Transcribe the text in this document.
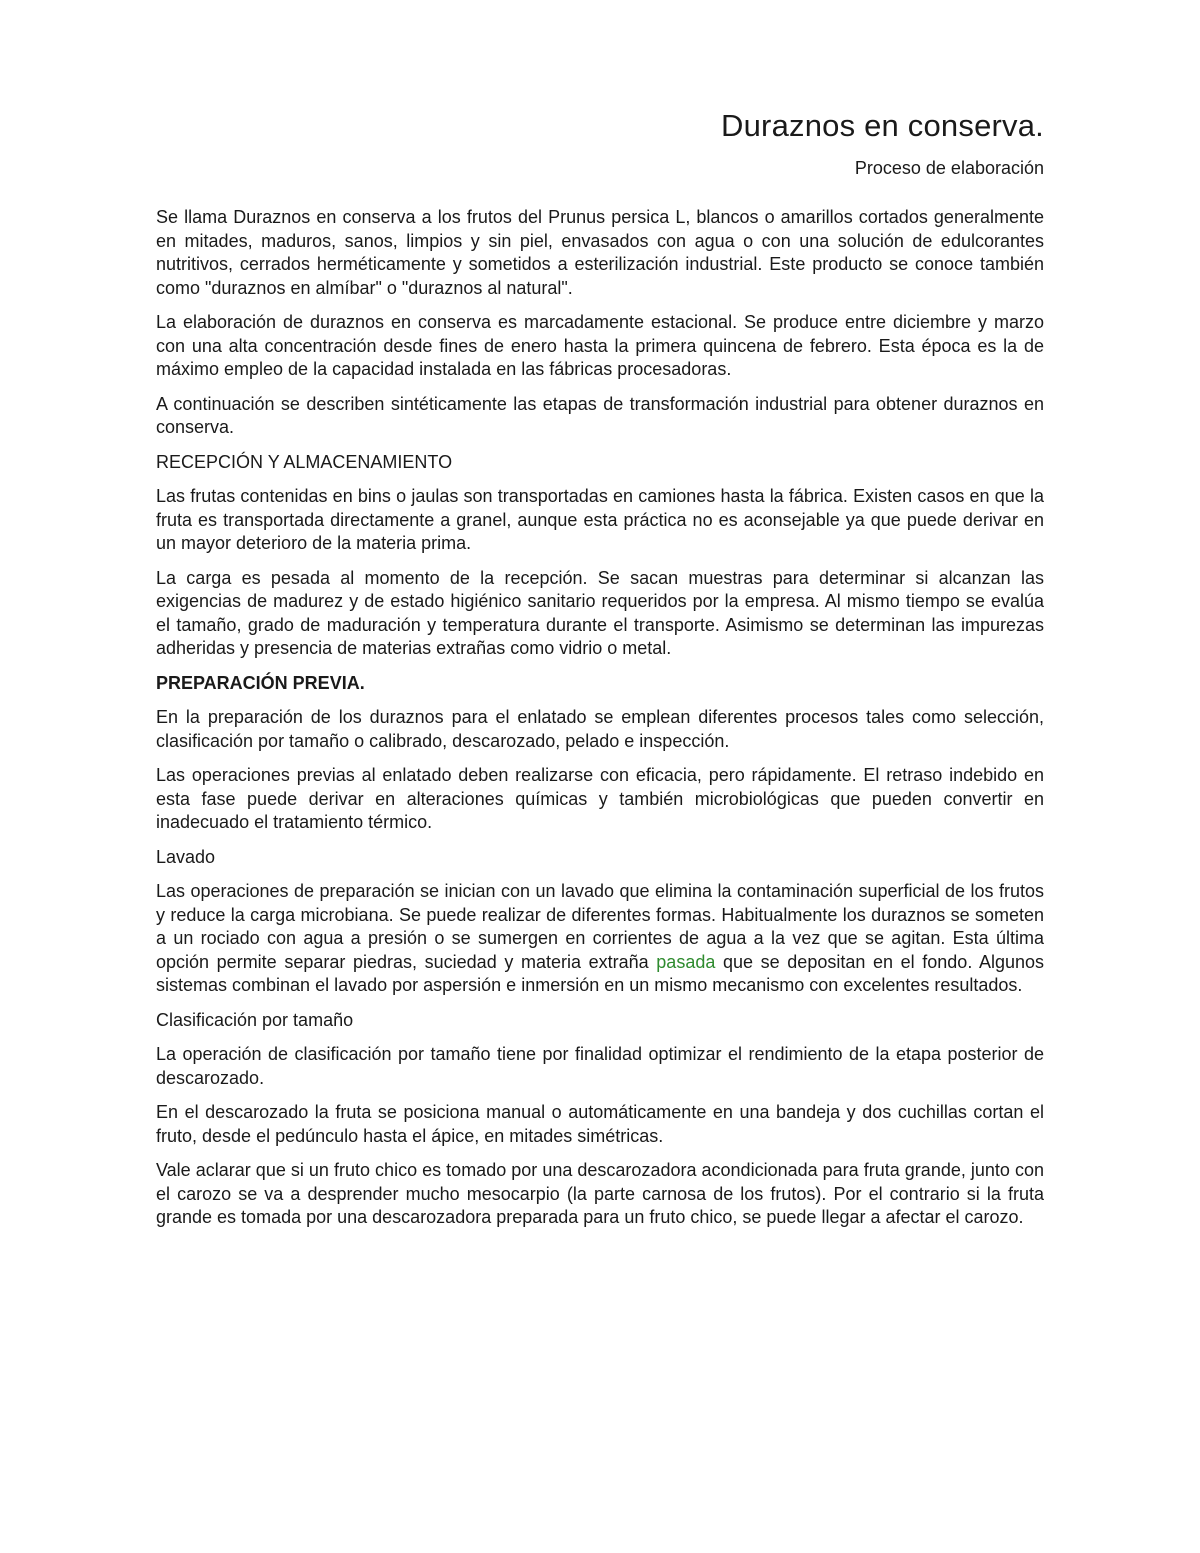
Duraznos en conserva.

Proceso de elaboración

Se llama Duraznos en conserva a los frutos del Prunus persica L, blancos o amarillos cortados generalmente en mitades, maduros, sanos, limpios y sin piel, envasados con agua o con una solución de edulcorantes nutritivos, cerrados herméticamente y sometidos a esterilización industrial. Este producto se conoce también como "duraznos en almíbar" o "duraznos al natural".

La elaboración de duraznos en conserva es marcadamente estacional. Se produce entre diciembre y marzo con una alta concentración desde fines de enero hasta la primera quincena de febrero. Esta época es la de máximo empleo de la capacidad instalada en las fábricas procesadoras.

A continuación se describen sintéticamente las etapas de transformación industrial para obtener duraznos en conserva.

RECEPCIÓN Y ALMACENAMIENTO

Las frutas contenidas en bins o jaulas son transportadas en camiones hasta la fábrica. Existen casos en que la fruta es transportada directamente a granel, aunque esta práctica no es aconsejable ya que puede derivar en un mayor deterioro de la materia prima.

La carga es pesada al momento de la recepción. Se sacan muestras para determinar si alcanzan las exigencias de madurez y de estado higiénico sanitario requeridos por la empresa. Al mismo tiempo se evalúa el tamaño, grado de maduración y temperatura durante el transporte. Asimismo se determinan las impurezas adheridas y presencia de materias extrañas como vidrio o metal.

PREPARACIÓN PREVIA.

En la preparación de los duraznos para el enlatado se emplean diferentes procesos tales como selección, clasificación por tamaño o calibrado, descarozado, pelado e inspección.

Las operaciones previas al enlatado deben realizarse con eficacia, pero rápidamente. El retraso indebido en esta fase puede derivar en alteraciones químicas y también microbiológicas que pueden convertir en inadecuado el tratamiento térmico.

Lavado

Las operaciones de preparación se inician con un lavado que elimina la contaminación superficial de los frutos y reduce la carga microbiana. Se puede realizar de diferentes formas. Habitualmente los duraznos se someten a un rociado con agua a presión o se sumergen en corrientes de agua a la vez que se agitan. Esta última opción permite separar piedras, suciedad y materia extraña pasada que se depositan en el fondo. Algunos sistemas combinan el lavado por aspersión e inmersión en un mismo mecanismo con excelentes resultados.

Clasificación por tamaño

La operación de clasificación por tamaño tiene por finalidad optimizar el rendimiento de la etapa posterior de descarozado.

En el descarozado la fruta se posiciona manual o automáticamente en una bandeja y dos cuchillas cortan el fruto, desde el pedúnculo hasta el ápice, en mitades simétricas.

Vale aclarar que si un fruto chico es tomado por una descarozadora acondicionada para fruta grande, junto con el carozo se va a desprender mucho mesocarpio (la parte carnosa de los frutos). Por el contrario si la fruta grande es tomada por una descarozadora preparada para un fruto chico, se puede llegar a afectar el carozo.
